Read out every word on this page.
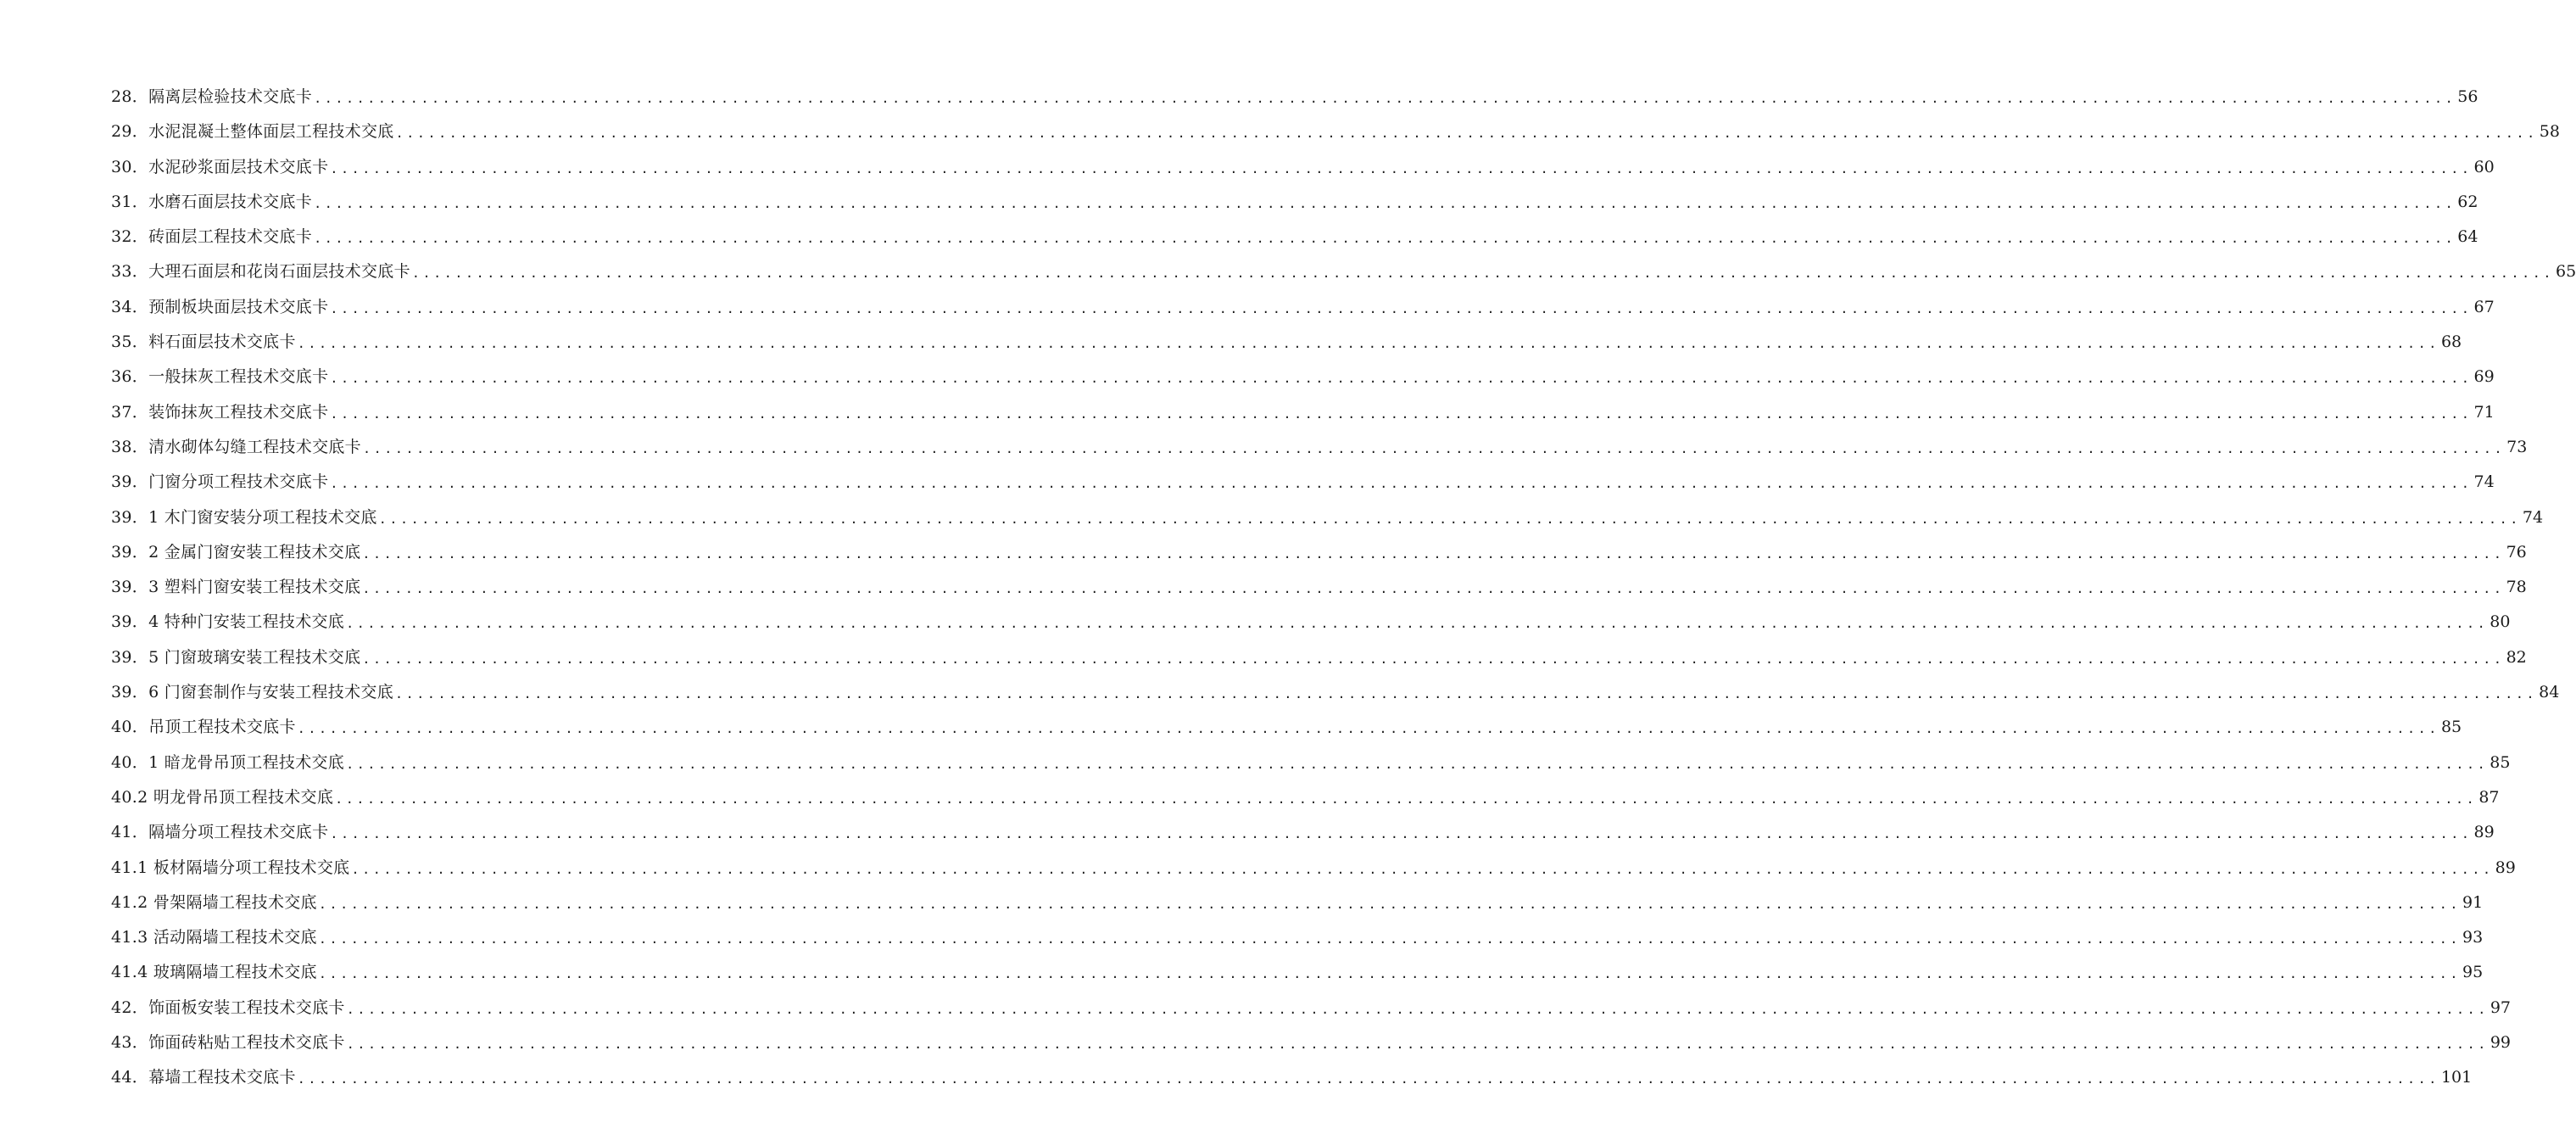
28．隔离层检验技术交底卡 ........................................................................................................................................................................................................ 56
29．水泥混凝土整体面层工程技术交底 ........................................................................................................................................................................................................ 58
30．水泥砂浆面层技术交底卡 ........................................................................................................................................................................................................ 60
31．水磨石面层技术交底卡 ........................................................................................................................................................................................................ 62
32．砖面层工程技术交底卡 ........................................................................................................................................................................................................ 64
33．大理石面层和花岗石面层技术交底卡 ........................................................................................................................................................................................................ 65
34．预制板块面层技术交底卡 ........................................................................................................................................................................................................ 67
35．料石面层技术交底卡 ........................................................................................................................................................................................................ 68
36．一般抹灰工程技术交底卡 ........................................................................................................................................................................................................ 69
37．装饰抹灰工程技术交底卡 ........................................................................................................................................................................................................ 71
38．清水砌体勾缝工程技术交底卡 ........................................................................................................................................................................................................ 73
39．门窗分项工程技术交底卡 ........................................................................................................................................................................................................ 74
39．1 木门窗安装分项工程技术交底 ........................................................................................................................................................................................................ 74
39．2 金属门窗安装工程技术交底 ........................................................................................................................................................................................................ 76
39．3 塑料门窗安装工程技术交底 ........................................................................................................................................................................................................ 78
39．4 特种门安装工程技术交底 ........................................................................................................................................................................................................ 80
39．5 门窗玻璃安装工程技术交底 ........................................................................................................................................................................................................ 82
39．6 门窗套制作与安装工程技术交底 ........................................................................................................................................................................................................ 84
40．吊顶工程技术交底卡 ........................................................................................................................................................................................................ 85
40．1 暗龙骨吊顶工程技术交底 ........................................................................................................................................................................................................ 85
40.2 明龙骨吊顶工程技术交底 ........................................................................................................................................................................................................ 87
41．隔墙分项工程技术交底卡 ........................................................................................................................................................................................................ 89
41.1 板材隔墙分项工程技术交底 ........................................................................................................................................................................................................ 89
41.2 骨架隔墙工程技术交底 ........................................................................................................................................................................................................ 91
41.3 活动隔墙工程技术交底 ........................................................................................................................................................................................................ 93
41.4 玻璃隔墙工程技术交底 ........................................................................................................................................................................................................ 95
42．饰面板安装工程技术交底卡 ........................................................................................................................................................................................................ 97
43．饰面砖粘贴工程技术交底卡 ........................................................................................................................................................................................................ 99
44．幕墙工程技术交底卡 ........................................................................................................................................................................................................ 101
